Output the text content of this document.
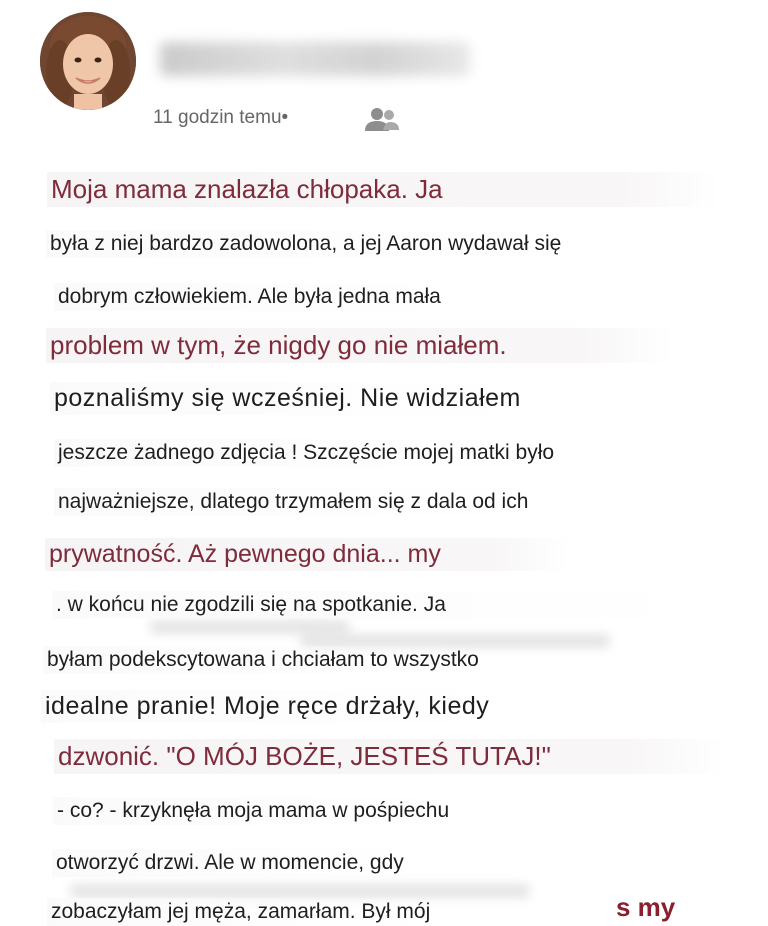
11 godzin temu•
Moja mama znalazła chłopaka. Ja
była z niej bardzo zadowolona, a jej Aaron wydawał się
dobrym człowiekiem. Ale była jedna mała
problem w tym, że nigdy go nie miałem.
poznaliśmy się wcześniej. Nie widziałem
jeszcze żadnego zdjęcia ! Szczęście mojej matki było
najważniejsze, dlatego trzymałem się z dala od ich
prywatność. Aż pewnego dnia... my
. w końcu nie zgodzili się na spotkanie. Ja
byłam podekscytowana i chciałam to wszystko
idealne pranie! Moje ręce drżały, kiedy
dzwonić. "O MÓJ BOŻE, JESTEŚ TUTAJ!"
- co? - krzyknęła moja mama w pośpiechu
otworzyć drzwi. Ale w momencie, gdy
zobaczyłam jej męża, zamarłam. Był mój	s my
